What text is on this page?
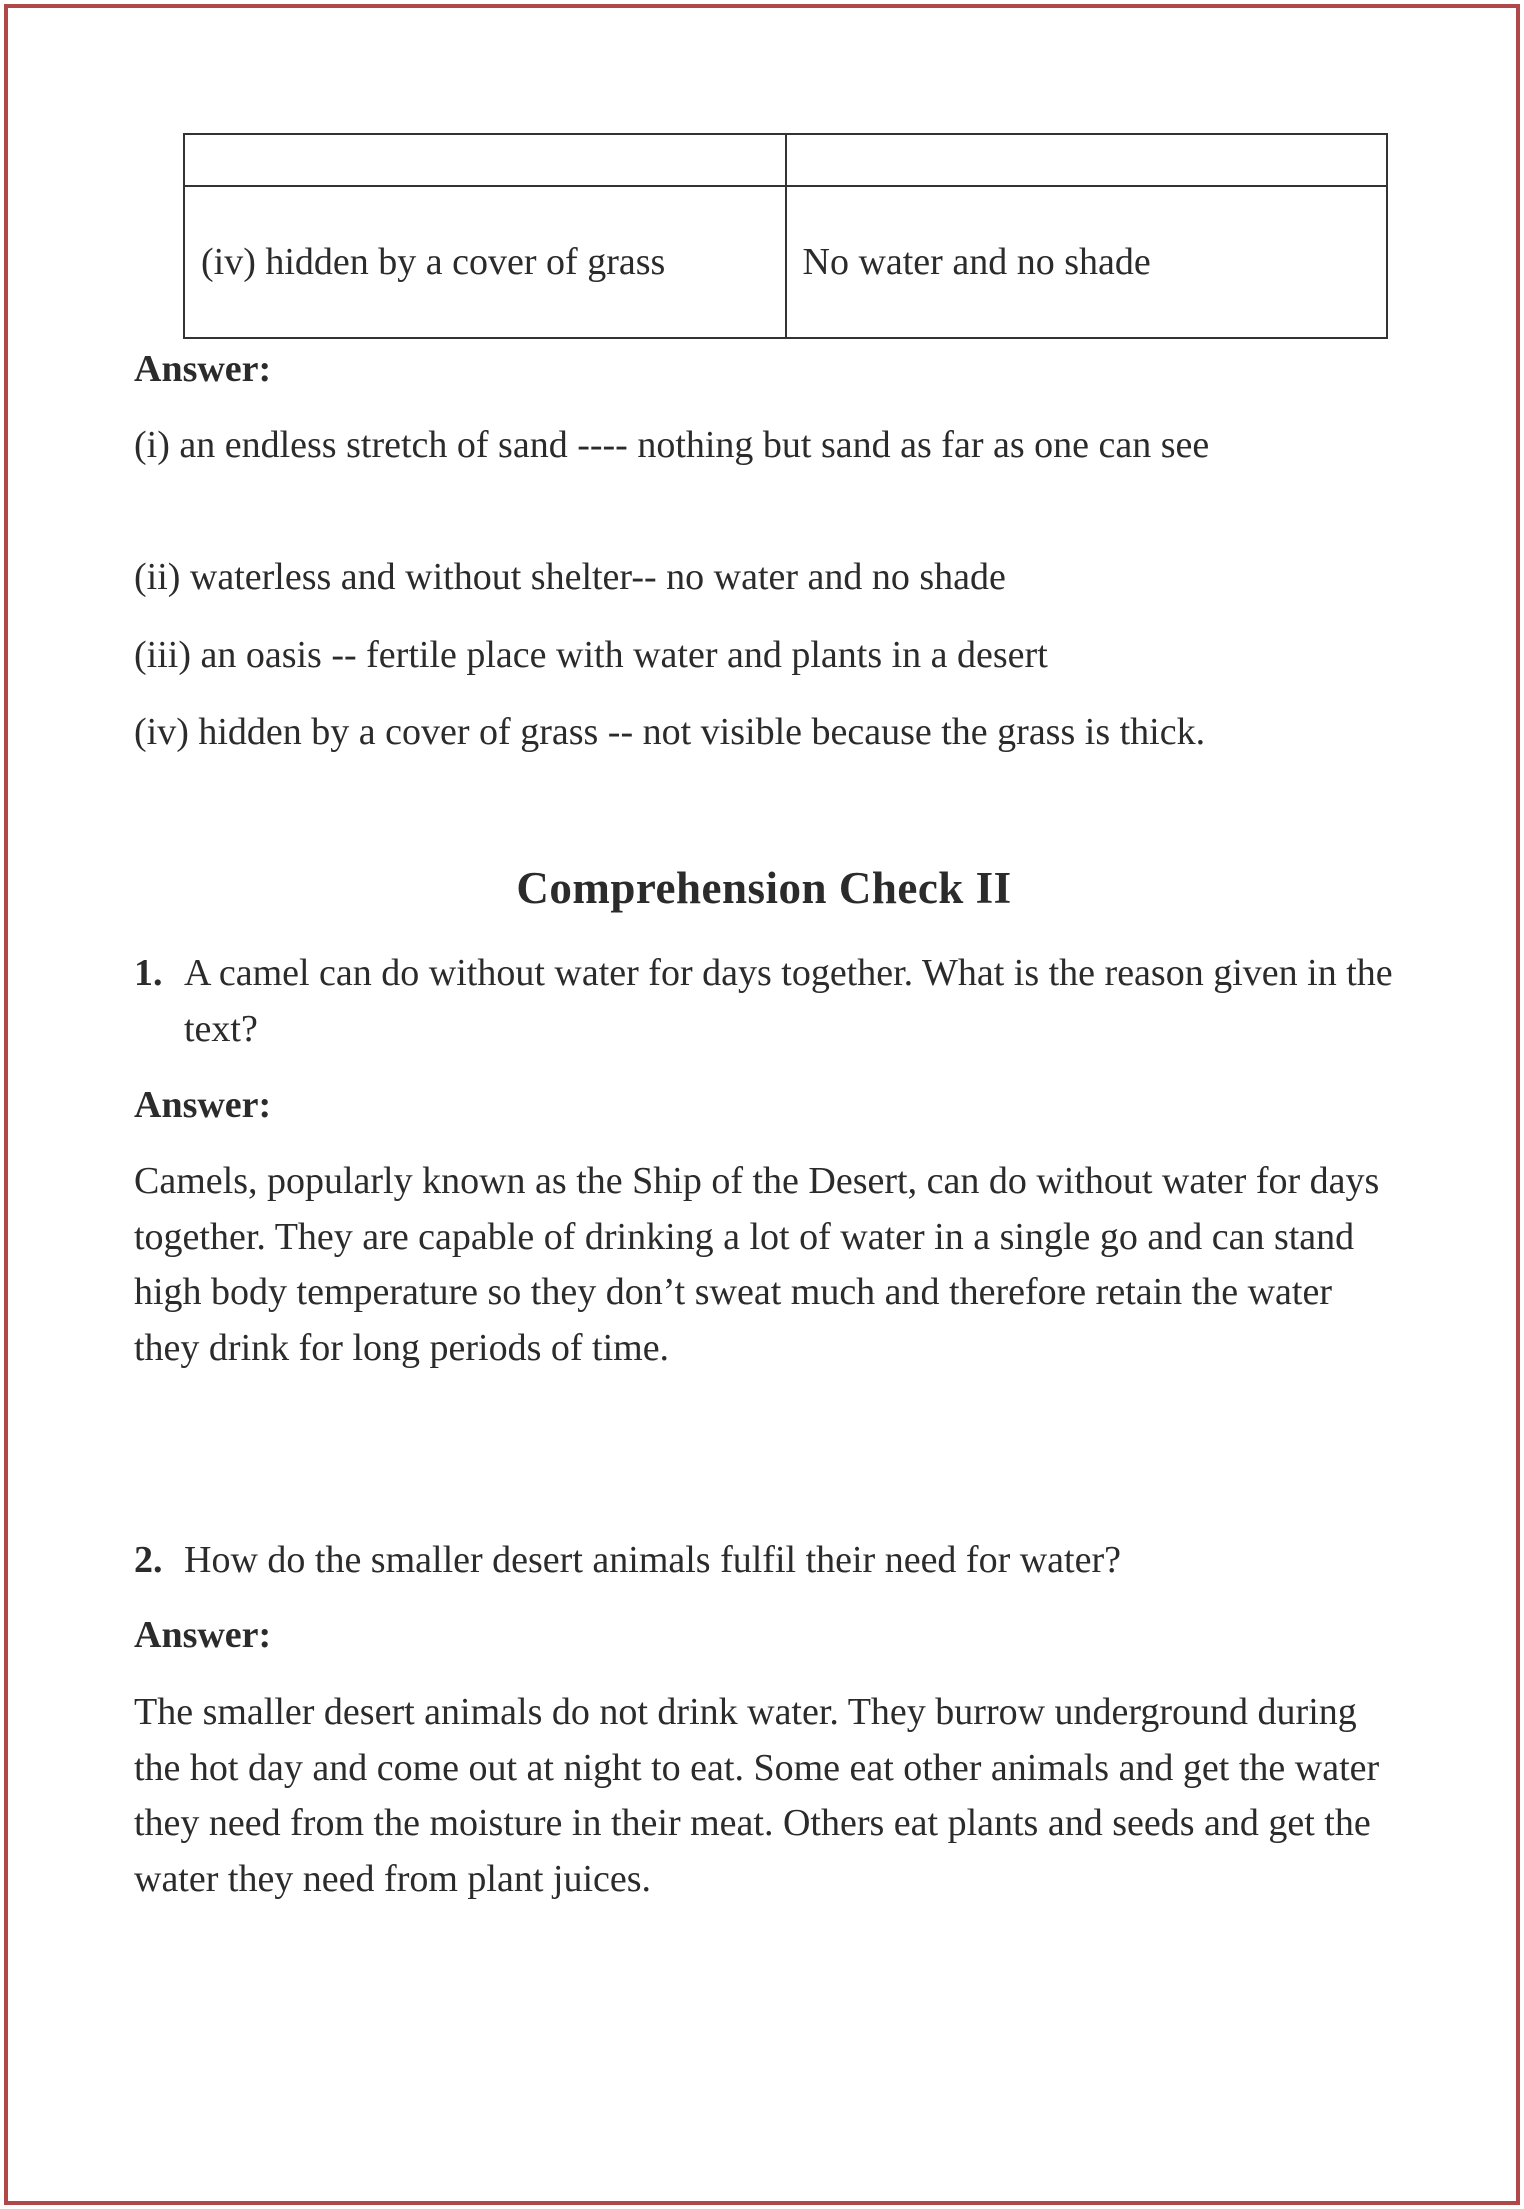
(iv) hidden by a cover of grass	No water and no shade
Answer:
(i) an endless stretch of sand ---- nothing but sand as far as one can see
(ii) waterless and without shelter-- no water and no shade
(iii) an oasis -- fertile place with water and plants in a desert
(iv) hidden by a cover of grass -- not visible because the grass is thick.
Comprehension Check II
1. A camel can do without water for days together. What is the reason given in the text?
Answer:
Camels, popularly known as the Ship of the Desert, can do without water for days together. They are capable of drinking a lot of water in a single go and can stand high body temperature so they don’t sweat much and therefore retain the water they drink for long periods of time.
2. How do the smaller desert animals fulfil their need for water?
Answer:
The smaller desert animals do not drink water. They burrow underground during the hot day and come out at night to eat. Some eat other animals and get the water they need from the moisture in their meat. Others eat plants and seeds and get the water they need from plant juices.
